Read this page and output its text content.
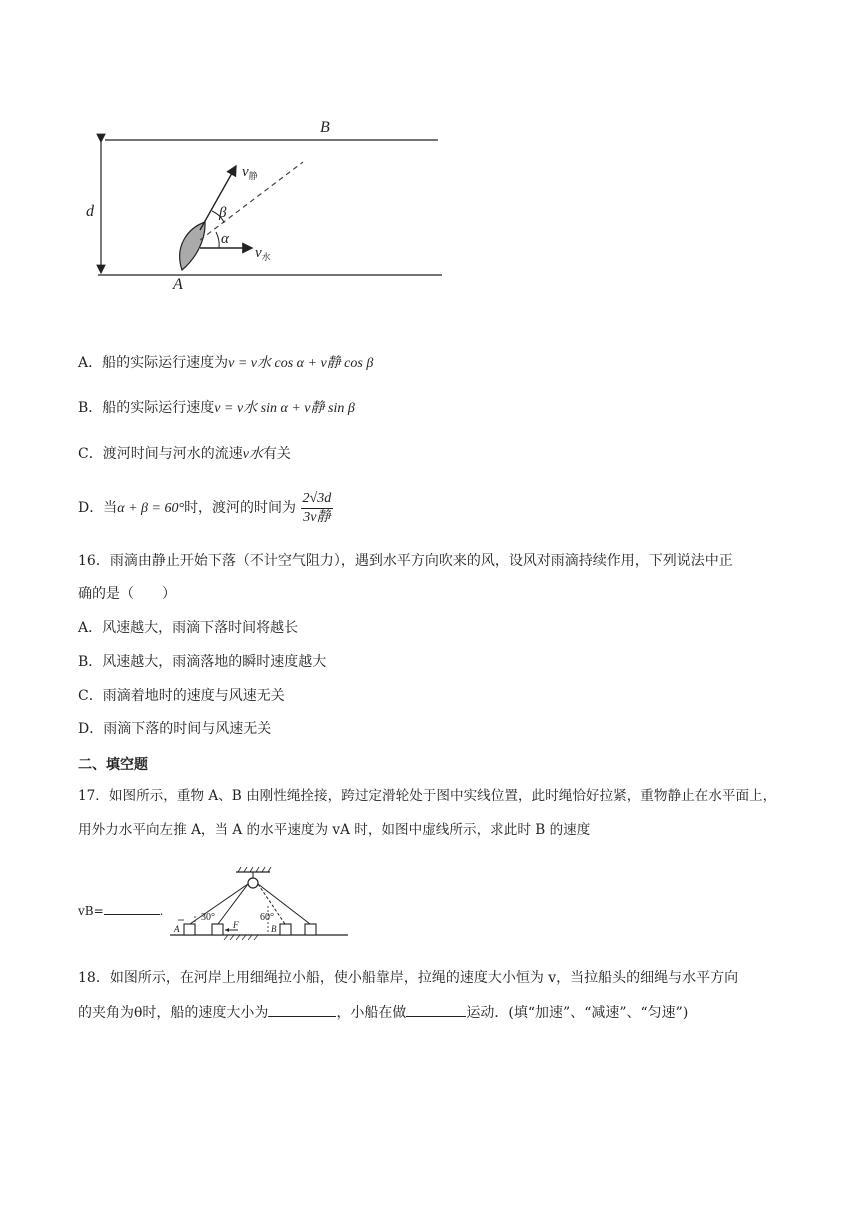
B
A
d
$v_静$
β
α
$v_水$
A．船的实际运行速度为v = v水 cos α + v静 cos β
B．船的实际运行速度v = v水 sin α + v静 sin β
C．渡河时间与河水的流速v水有关
D．当α + β = 60°时，渡河的时间为 $\frac{2√3d}{\text{3v静}}$
16．雨滴由静止开始下落（不计空气阻力），遇到水平方向吹来的风，设风对雨滴持续作用，下列说法中正
确的是（　　）
A．风速越大，雨滴下落时间将越长
B．风速越大，雨滴落地的瞬时速度越大
C．雨滴着地时的速度与风速无关
D．雨滴下落的时间与风速无关
二、填空题
17．如图所示，重物 A、B 由刚性绳拴接，跨过定滑轮处于图中实线位置，此时绳恰好拉紧，重物静止在水平面上，
用外力水平向左推 A，当 A 的水平速度为 vA 时，如图中虚线所示，求此时 B 的速度
vB=	.	30°	60°
A	B
F
18．如图所示，在河岸上用细绳拉小船，使小船靠岸，拉绳的速度大小恒为 v，当拉船头的细绳与水平方向
的夹角为θ时，船的速度大小为	，小船在做	运动．(填“加速”、“减速”、“匀速”)
